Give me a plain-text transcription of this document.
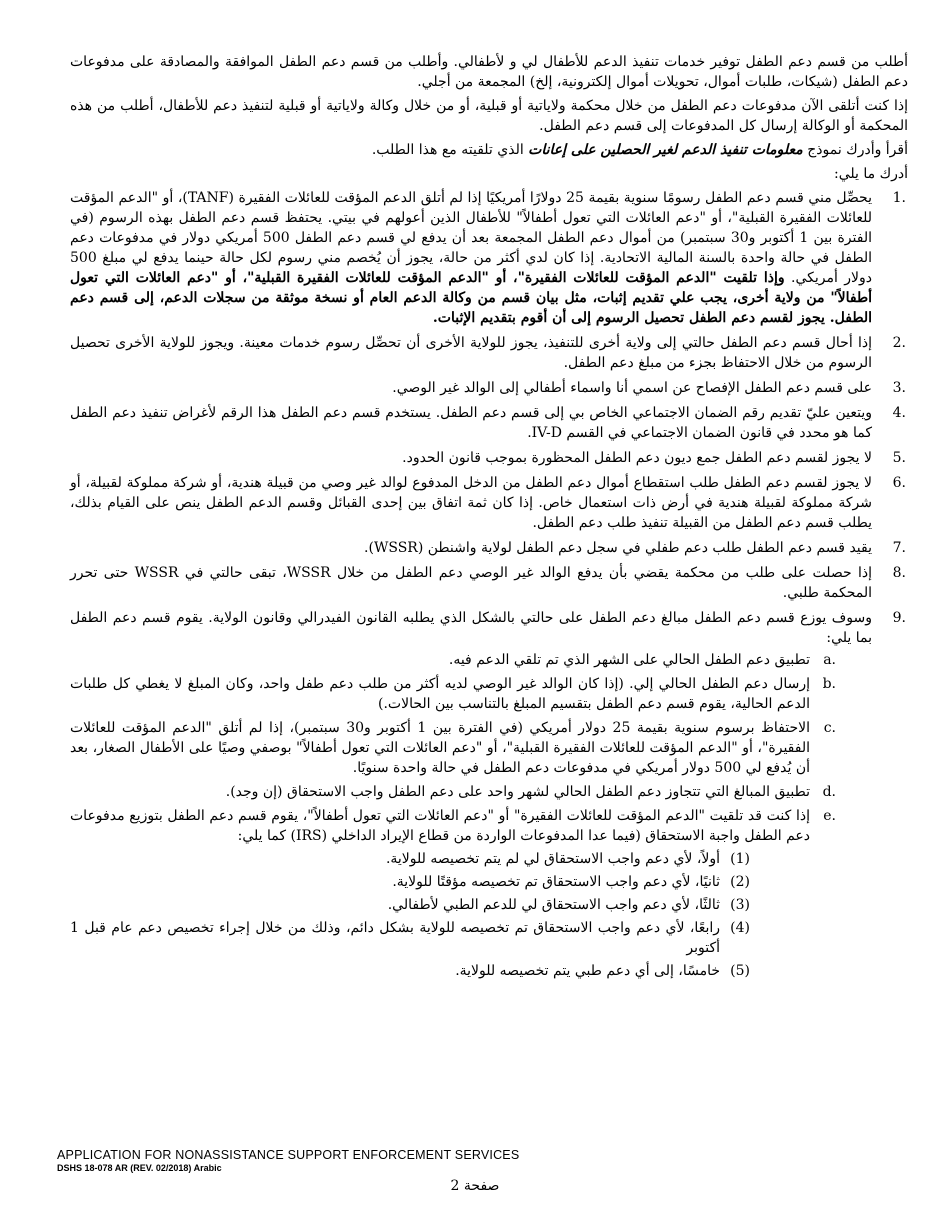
أطلب من قسم دعم الطفل توفير خدمات تنفيذ الدعم للأطفال لي و لأطفالي. وأطلب من قسم دعم الطفل الموافقة والمصادقة على مدفوعات دعم الطفل (شيكات، طلبات أموال، تحويلات أموال إلكترونية، إلخ) المجمعة من أجلي.

إذا كنت أتلقى الآن مدفوعات دعم الطفل من خلال محكمة ولاياتية أو قبلية، أو من خلال وكالة ولاياتية أو قبلية لتنفيذ دعم للأطفال، أطلب من هذه المحكمة أو الوكالة إرسال كل المدفوعات إلى قسم دعم الطفل.

أقرأ وأدرك نموذج معلومات تنفيذ الدعم لغير الحصلين على إعانات الذي تلقيته مع هذا الطلب.

أدرك ما يلي:

1.
يحصِّل مني قسم دعم الطفل رسومًا سنوية بقيمة 25 دولارًا أمريكيًا إذا لم أتلق الدعم المؤقت للعائلات الفقيرة (TANF)، أو "الدعم المؤقت للعائلات الفقيرة القبلية"، أو "دعم العائلات التي تعول أطفالاً" للأطفال الذين أعولهم في بيتي. يحتفظ قسم دعم الطفل بهذه الرسوم (في الفترة بين 1 أكتوبر و30 سبتمبر) من أموال دعم الطفل المجمعة بعد أن يدفع لي قسم دعم الطفل 500 أمريكي دولار في مدفوعات دعم الطفل في حالة واحدة بالسنة المالية الاتحادية. إذا كان لدي أكثر من حالة، يجوز أن يُخصم مني رسوم لكل حالة حينما يدفع لي مبلغ 500 دولار أمريكي. وإذا تلقيت "الدعم المؤقت للعائلات الفقيرة"، أو "الدعم المؤقت للعائلات الفقيرة القبلية"، أو "دعم العائلات التي تعول أطفالاً" من ولاية أخرى، يجب علي تقديم إثبات، مثل بيان قسم من وكالة الدعم العام أو نسخة موثقة من سجلات الدعم، إلى قسم دعم الطفل. يجوز لقسم دعم الطفل تحصيل الرسوم إلى أن أقوم بتقديم الإثبات.
2.
إذا أحال قسم دعم الطفل حالتي إلى ولاية أخرى للتنفيذ، يجوز للولاية الأخرى أن تحصِّل رسوم خدمات معينة. ويجوز للولاية الأخرى تحصيل الرسوم من خلال الاحتفاظ بجزء من مبلغ دعم الطفل.
3.
على قسم دعم الطفل الإفصاح عن اسمي أنا واسماء أطفالي إلى الوالد غير الوصي.
4.
ويتعين عليّ تقديم رقم الضمان الاجتماعي الخاص بي إلى قسم دعم الطفل. يستخدم قسم دعم الطفل هذا الرقم لأغراض تنفيذ دعم الطفل كما هو محدد في قانون الضمان الاجتماعي في القسم IV-D.
5.
لا يجوز لقسم دعم الطفل جمع ديون دعم الطفل المحظورة بموجب قانون الحدود.
6.
لا يجوز لقسم دعم الطفل طلب استقطاع أموال دعم الطفل من الدخل المدفوع لوالد غير وصي من قبيلة هندية، أو شركة مملوكة لقبيلة، أو شركة مملوكة لقبيلة هندية في أرض ذات استعمال خاص. إذا كان ثمة اتفاق بين إحدى القبائل وقسم الدعم الطفل ينص على القيام بذلك، يطلب قسم دعم الطفل من القبيلة تنفيذ طلب دعم الطفل.
7.
يقيد قسم دعم الطفل طلب دعم طفلي في سجل دعم الطفل لولاية واشنطن (WSSR).
8.
إذا حصلت على طلب من محكمة يقضي بأن يدفع الوالد غير الوصي دعم الطفل من خلال WSSR، تبقى حالتي في WSSR حتى تحرر المحكمة طلبي.
9.
وسوف يوزع قسم دعم الطفل مبالغ دعم الطفل على حالتي بالشكل الذي يطلبه القانون الفيدرالي وقانون الولاية. يقوم قسم دعم الطفل بما يلي:
a.
تطبيق دعم الطفل الحالي على الشهر الذي تم تلقي الدعم فيه.
b.
إرسال دعم الطفل الحالي إلي. (إذا كان الوالد غير الوصي لديه أكثر من طلب دعم طفل واحد، وكان المبلغ لا يغطي كل طلبات الدعم الحالية، يقوم قسم دعم الطفل بتقسيم المبلغ بالتناسب بين الحالات.)
c.
الاحتفاظ برسوم سنوية بقيمة 25 دولار أمريكي (في الفترة بين 1 أكتوبر و30 سبتمبر)، إذا لم أتلق "الدعم المؤقت للعائلات الفقيرة"، أو "الدعم المؤقت للعائلات الفقيرة القبلية"، أو "دعم العائلات التي تعول أطفالاً" بوصفي وصيًا على الأطفال الصغار، بعد أن يُدفع لي 500 دولار أمريكي في مدفوعات دعم الطفل في حالة واحدة سنويًا.
d.
تطبيق المبالغ التي تتجاوز دعم الطفل الحالي لشهر واحد على دعم الطفل واجب الاستحقاق (إن وجد).
e.
إذا كنت قد تلقيت "الدعم المؤقت للعائلات الفقيرة" أو "دعم العائلات التي تعول أطفالاً"، يقوم قسم دعم الطفل بتوزيع مدفوعات دعم الطفل واجبة الاستحقاق (فيما عدا المدفوعات الواردة من قطاع الإيراد الداخلي (IRS) كما يلي:
(1)
أولاً، لأي دعم واجب الاستحقاق لي لم يتم تخصيصه للولاية.
(2)
ثانيًا، لأي دعم واجب الاستحقاق تم تخصيصه مؤقتًا للولاية.
(3)
ثالثًا، لأي دعم واجب الاستحقاق لي للدعم الطبي لأطفالي.
(4)
رابعًا، لأي دعم واجب الاستحقاق تم تخصيصه للولاية بشكل دائم، وذلك من خلال إجراء تخصيص دعم عام قبل 1 أكتوبر
(5)
خامسًا، إلى أي دعم طبي يتم تخصيصه للولاية.
APPLICATION FOR NONASSISTANCE SUPPORT ENFORCEMENT SERVICES
DSHS 18-078 AR (REV. 02/2018) Arabic
صفحة 2
